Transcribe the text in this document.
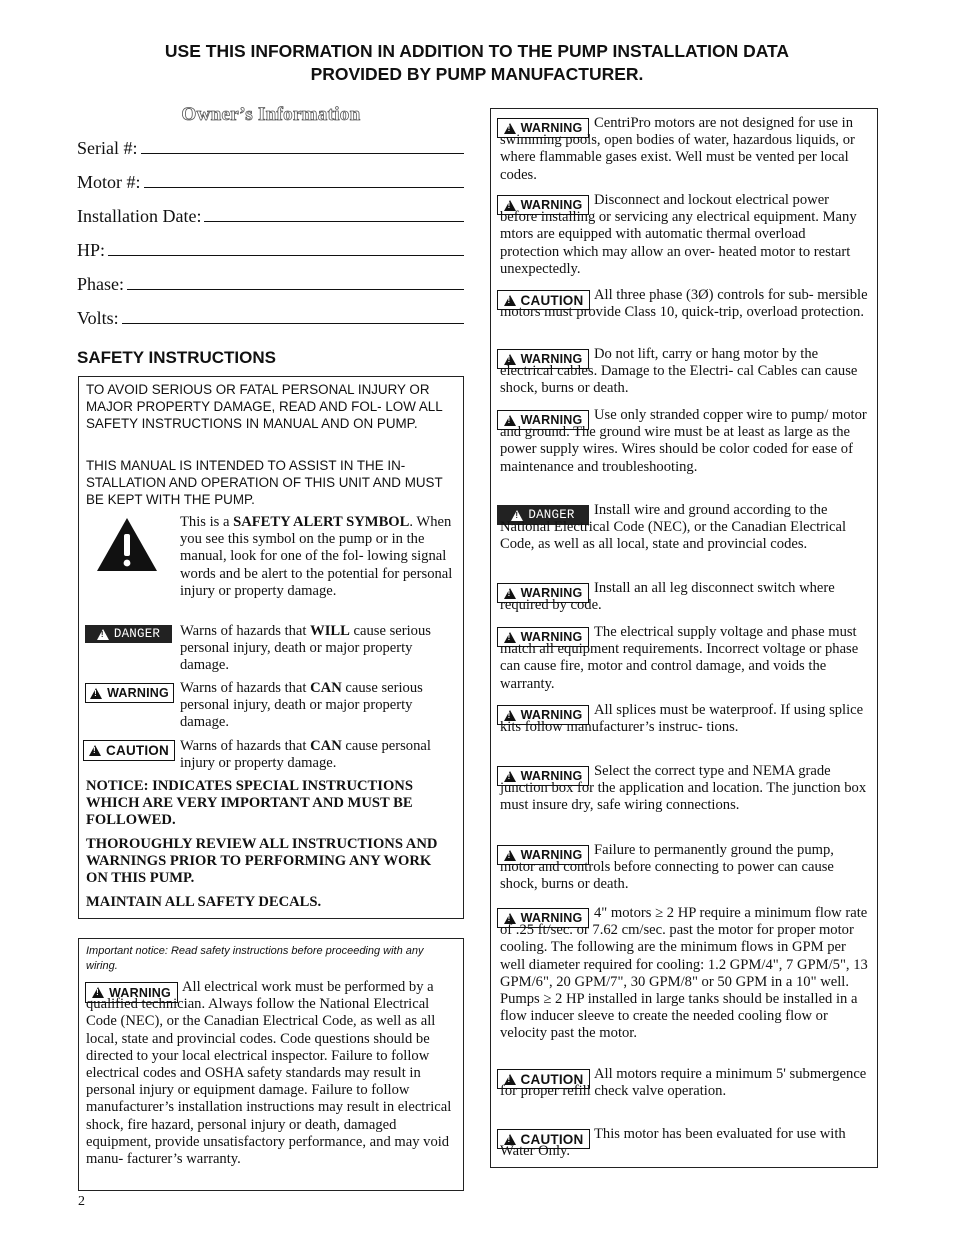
USE THIS INFORMATION IN ADDITION TO THE PUMP INSTALLATION DATA
PROVIDED BY PUMP MANUFACTURER.
Owner’s Information
Serial #:
Motor #:
Installation Date:
HP:
Phase:
Volts:
SAFETY INSTRUCTIONS
TO AVOID SERIOUS OR FATAL PERSONAL INJURY OR MAJOR PROPERTY DAMAGE, READ AND FOL- LOW ALL SAFETY INSTRUCTIONS IN MANUAL AND ON PUMP.
THIS MANUAL IS INTENDED TO ASSIST IN THE IN- STALLATION AND OPERATION OF THIS UNIT AND MUST BE KEPT WITH THE PUMP.
This is a SAFETY ALERT SYMBOL. When you see this symbol on the pump or in the manual, look for one of the fol- lowing signal words and be alert to the potential for personal injury or property damage.
!
DANGER Warns of hazards that WILL cause serious personal injury, death or major property damage.
!
WARNING Warns of hazards that CAN cause serious personal injury, death or major property damage.
!
CAUTION Warns of hazards that CAN cause personal injury or property damage.
NOTICE: INDICATES SPECIAL INSTRUCTIONS WHICH ARE VERY IMPORTANT AND MUST BE FOLLOWED.
THOROUGHLY REVIEW ALL INSTRUCTIONS AND WARNINGS PRIOR TO PERFORMING ANY WORK ON THIS PUMP.
MAINTAIN ALL SAFETY DECALS.
Important notice: Read safety instructions before proceeding with any wiring.
!
WARNING All electrical work must be performed by a qualified technician. Always follow the National Electrical Code (NEC), or the Canadian Electrical Code, as well as all local, state and provincial codes. Code questions should be directed to your local electrical inspector. Failure to follow electrical codes and OSHA safety standards may result in personal injury or equipment damage. Failure to follow manufacturer’s installation instructions may result in electrical shock, fire hazard, personal injury or death, damaged equipment, provide unsatisfactory performance, and may void manu- facturer’s warranty.
!
WARNING CentriPro motors are not designed for use in swimming pools, open bodies of water, hazardous liquids, or where flammable gases exist. Well must be vented per local codes.
!
WARNING Disconnect and lockout electrical power before installing or servicing any electrical equipment. Many mtors are equipped with automatic thermal overload protection which may allow an over- heated motor to restart unexpectedly.
!
CAUTION All three phase (3Ø) controls for sub- mersible motors must provide Class 10, quick-trip, overload protection.
!
WARNING Do not lift, carry or hang motor by the electrical cables. Damage to the Electri- cal Cables can cause shock, burns or death.
!
WARNING Use only stranded copper wire to pump/ motor and ground. The ground wire must be at least as large as the power supply wires. Wires should be color coded for ease of maintenance and troubleshooting.
!
DANGER	Install wire and ground according to the National Electrical Code (NEC), or the Canadian Electrical Code, as well as all local, state and provincial codes.
!
WARNING Install an all leg disconnect switch where required by code.
!
WARNING The electrical supply voltage and phase must match all equipment requirements. Incorrect voltage or phase can cause fire, motor and control damage, and voids the warranty.
!
WARNING All splices must be waterproof. If using splice kits follow manufacturer’s instruc- tions.
!
WARNING Select the correct type and NEMA grade junction box for the application and location. The junction box must insure dry, safe wiring connections.
!
WARNING Failure to permanently ground the pump, motor and controls before connecting to power can cause shock, burns or death.
!
WARNING 4" motors ≥ 2 HP require a minimum flow rate of .25 ft/sec. or 7.62 cm/sec. past the motor for proper motor cooling. The following are the minimum flows in GPM per well diameter required for cooling: 1.2 GPM/4", 7 GPM/5", 13 GPM/6", 20 GPM/7", 30 GPM/8" or 50 GPM in a 10" well. Pumps ≥ 2 HP installed in large tanks should be installed in a flow inducer sleeve to create the needed cooling flow or velocity past the motor.
!
CAUTION All motors require a minimum 5' submergence for proper refill check valve operation.
!
CAUTION This motor has been evaluated for use with Water Only.
2
